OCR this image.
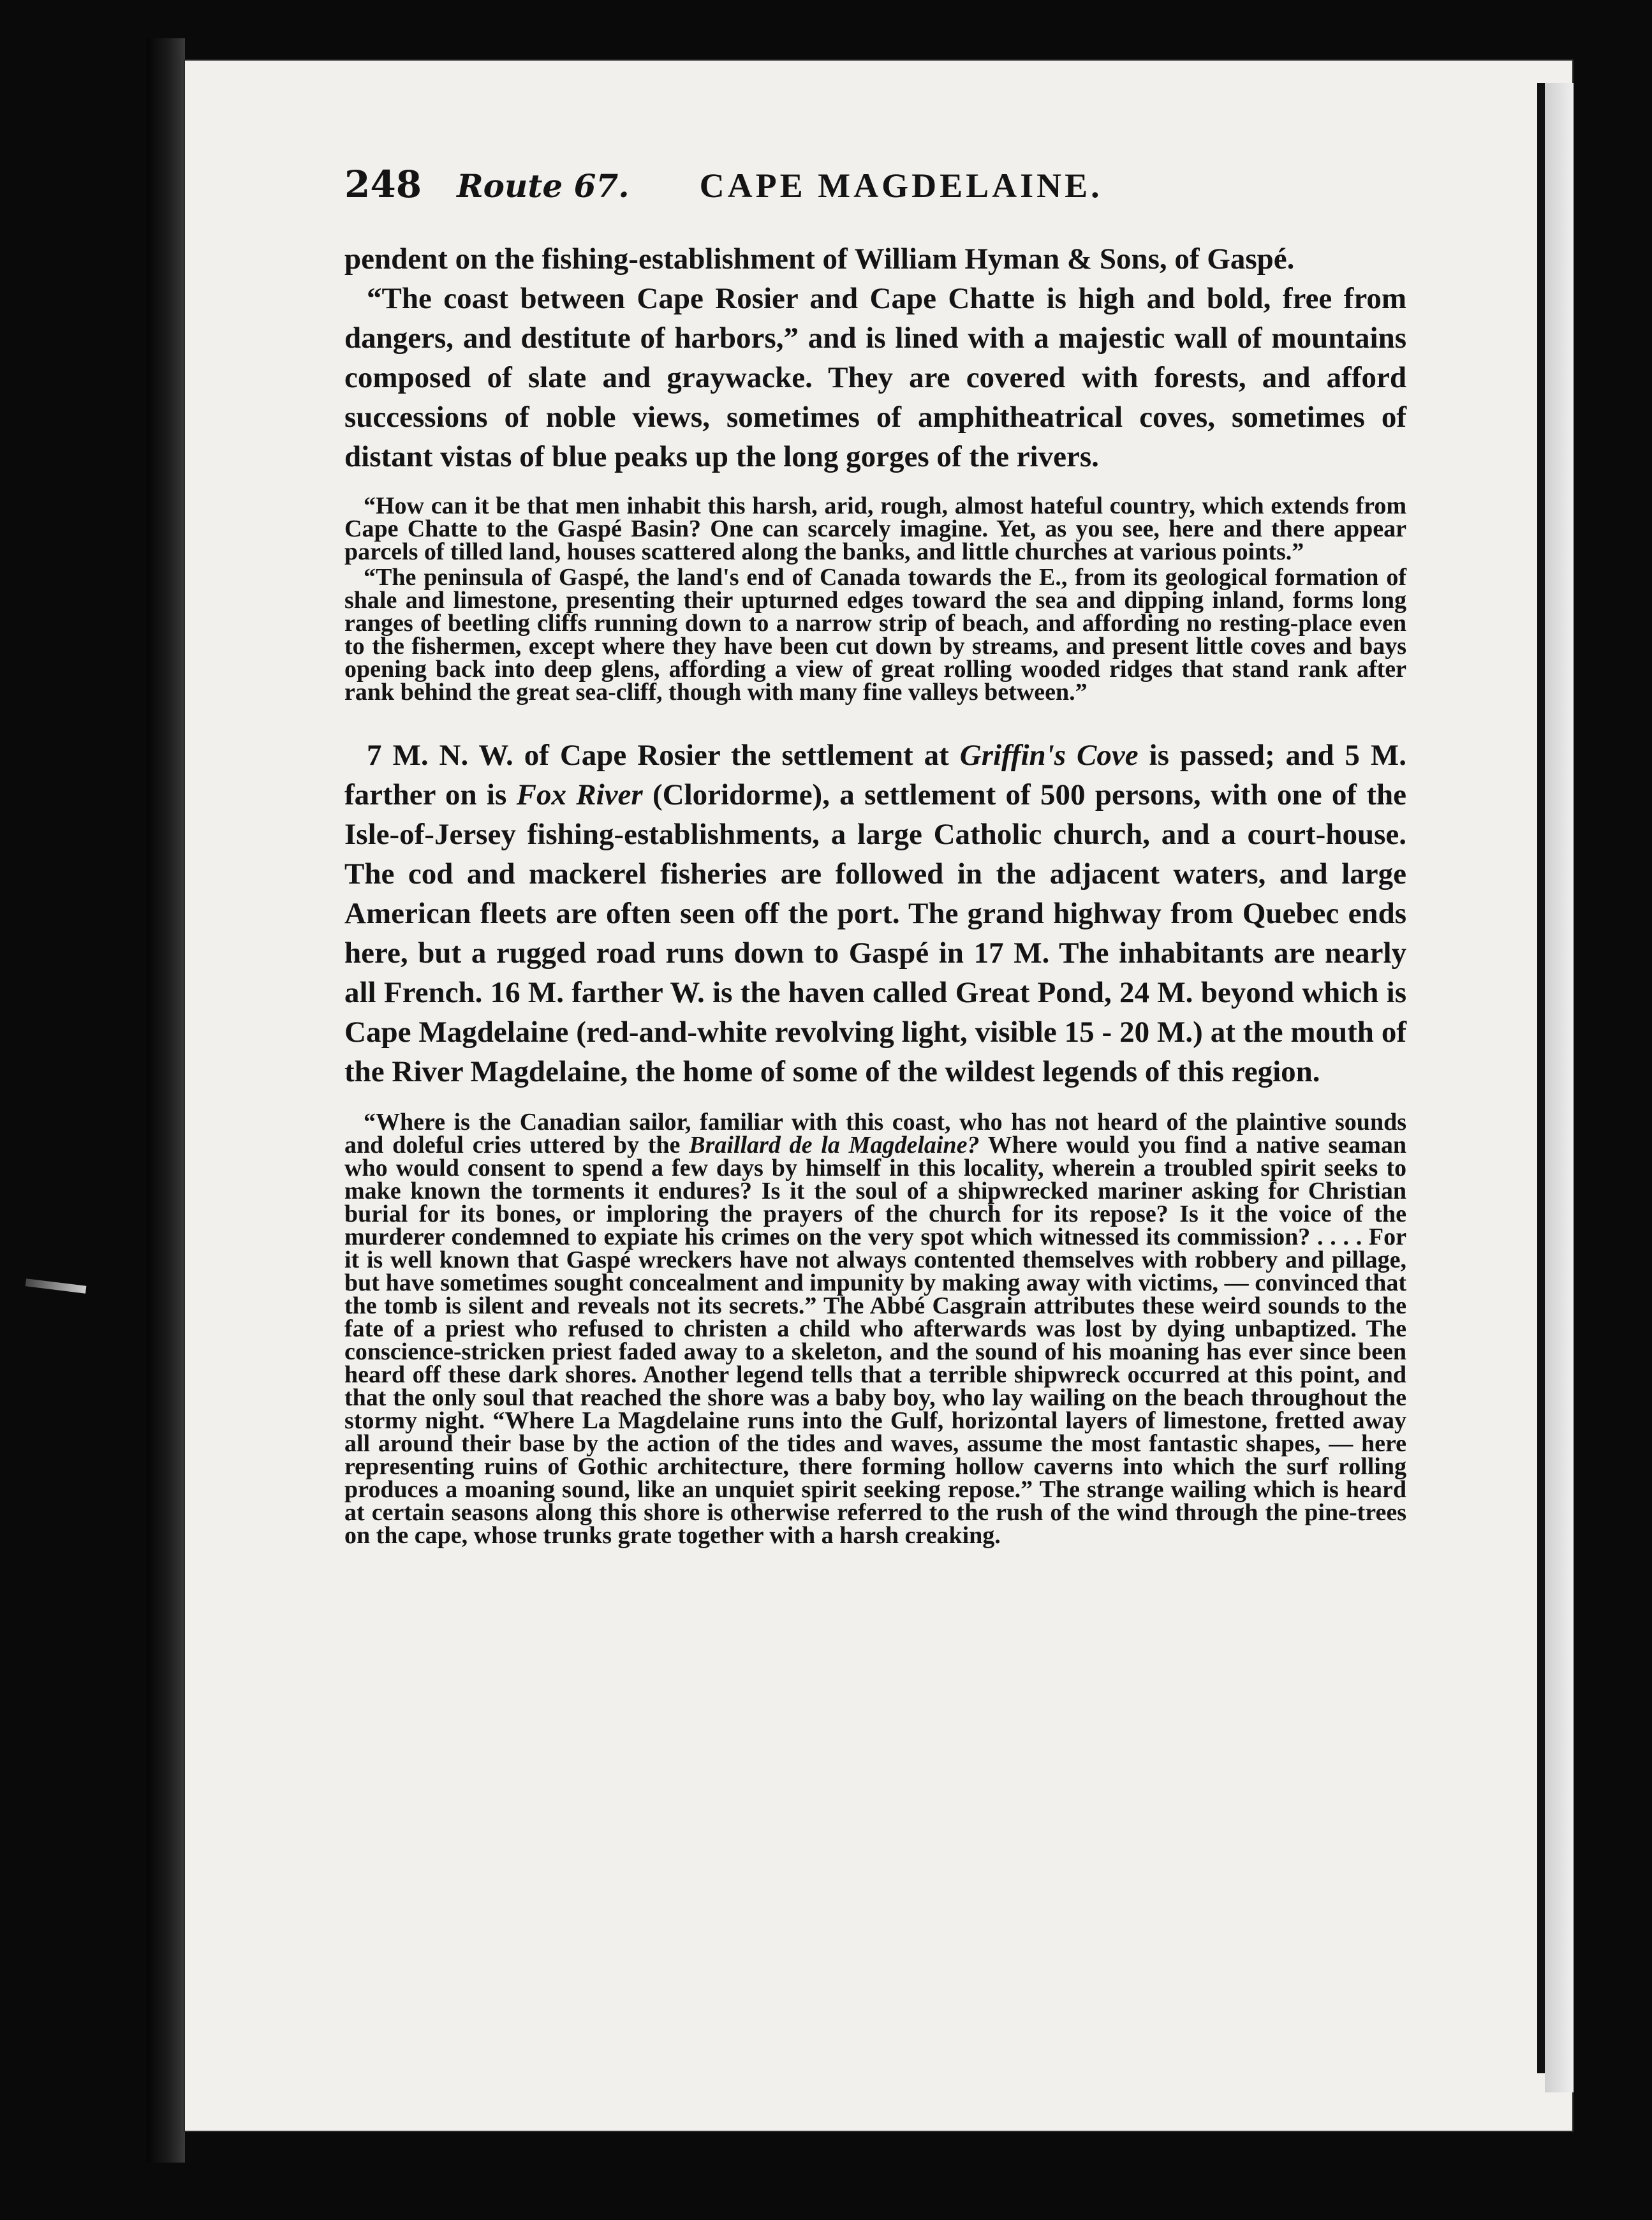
248 Route 67. CAPE MAGDELAINE.

pendent on the fishing-establishment of William Hyman & Sons, of Gaspé.

“The coast between Cape Rosier and Cape Chatte is high and bold, free from dangers, and destitute of harbors,” and is lined with a majestic wall of mountains composed of slate and graywacke. They are covered with forests, and afford successions of noble views, sometimes of amphitheatrical coves, sometimes of distant vistas of blue peaks up the long gorges of the rivers.

“How can it be that men inhabit this harsh, arid, rough, almost hateful country, which extends from Cape Chatte to the Gaspé Basin? One can scarcely imagine. Yet, as you see, here and there appear parcels of tilled land, houses scattered along the banks, and little churches at various points.”

“The peninsula of Gaspé, the land's end of Canada towards the E., from its geological formation of shale and limestone, presenting their upturned edges toward the sea and dipping inland, forms long ranges of beetling cliffs running down to a narrow strip of beach, and affording no resting-place even to the fishermen, except where they have been cut down by streams, and present little coves and bays opening back into deep glens, affording a view of great rolling wooded ridges that stand rank after rank behind the great sea-cliff, though with many fine valleys between.”

7 M. N. W. of Cape Rosier the settlement at Griffin's Cove is passed; and 5 M. farther on is Fox River (Cloridorme), a settlement of 500 persons, with one of the Isle-of-Jersey fishing-establishments, a large Catholic church, and a court-house. The cod and mackerel fisheries are followed in the adjacent waters, and large American fleets are often seen off the port. The grand highway from Quebec ends here, but a rugged road runs down to Gaspé in 17 M. The inhabitants are nearly all French. 16 M. farther W. is the haven called Great Pond, 24 M. beyond which is Cape Magdelaine (red-and-white revolving light, visible 15 - 20 M.) at the mouth of the River Magdelaine, the home of some of the wildest legends of this region.

“Where is the Canadian sailor, familiar with this coast, who has not heard of the plaintive sounds and doleful cries uttered by the Braillard de la Magdelaine? Where would you find a native seaman who would consent to spend a few days by himself in this locality, wherein a troubled spirit seeks to make known the torments it endures? Is it the soul of a shipwrecked mariner asking for Christian burial for its bones, or imploring the prayers of the church for its repose? Is it the voice of the murderer condemned to expiate his crimes on the very spot which witnessed its commission? . . . . For it is well known that Gaspé wreckers have not always contented themselves with robbery and pillage, but have sometimes sought concealment and impunity by making away with victims, — convinced that the tomb is silent and reveals not its secrets.” The Abbé Casgrain attributes these weird sounds to the fate of a priest who refused to christen a child who afterwards was lost by dying unbaptized. The conscience-stricken priest faded away to a skeleton, and the sound of his moaning has ever since been heard off these dark shores. Another legend tells that a terrible shipwreck occurred at this point, and that the only soul that reached the shore was a baby boy, who lay wailing on the beach throughout the stormy night. “Where La Magdelaine runs into the Gulf, horizontal layers of limestone, fretted away all around their base by the action of the tides and waves, assume the most fantastic shapes, — here representing ruins of Gothic architecture, there forming hollow caverns into which the surf rolling produces a moaning sound, like an unquiet spirit seeking repose.” The strange wailing which is heard at certain seasons along this shore is otherwise referred to the rush of the wind through the pine-trees on the cape, whose trunks grate together with a harsh creaking.
